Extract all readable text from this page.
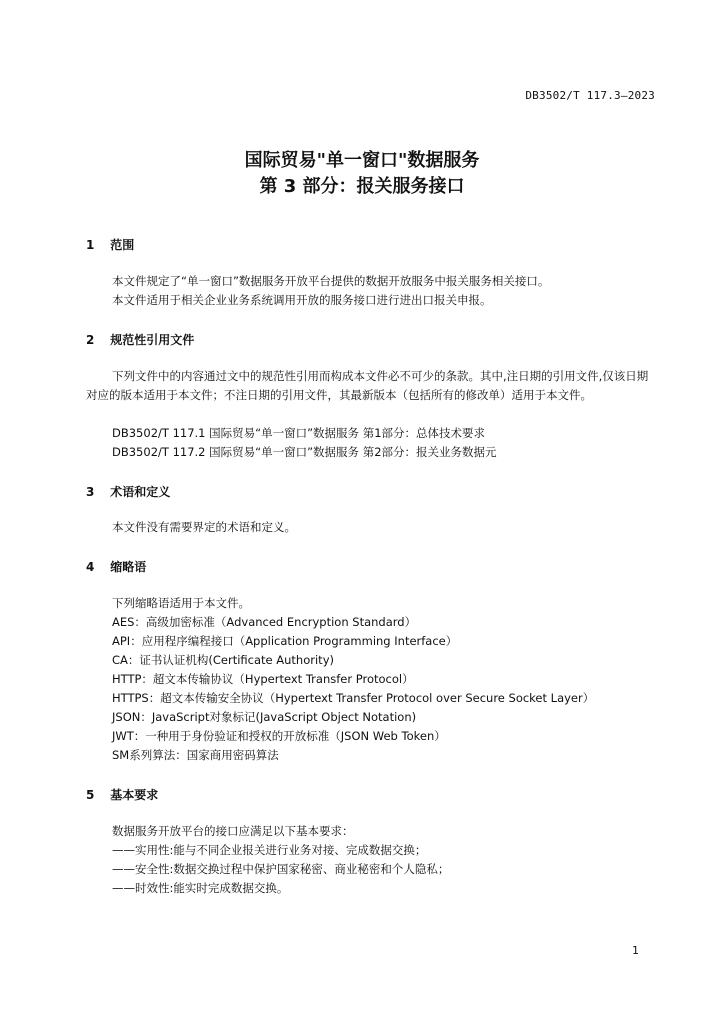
DB3502/T 117.3—2023
国际贸易"单一窗口"数据服务
第 3 部分：报关服务接口
1 范围
本文件规定了“单一窗口”数据服务开放平台提供的数据开放服务中报关服务相关接口。
本文件适用于相关企业业务系统调用开放的服务接口进行进出口报关申报。
2 规范性引用文件
下列文件中的内容通过文中的规范性引用而构成本文件必不可少的条款。其中,注日期的引用文件,仅该日期对应的版本适用于本文件；不注日期的引用文件，其最新版本（包括所有的修改单）适用于本文件。
DB3502/T 117.1 国际贸易“单一窗口”数据服务 第1部分：总体技术要求
DB3502/T 117.2 国际贸易“单一窗口”数据服务 第2部分：报关业务数据元
3 术语和定义
本文件没有需要界定的术语和定义。
4 缩略语
下列缩略语适用于本文件。
AES：高级加密标准（Advanced Encryption Standard）
API：应用程序编程接口（Application Programming Interface）
CA：证书认证机构(Certificate Authority)
HTTP：超文本传输协议（Hypertext Transfer Protocol）
HTTPS：超文本传输安全协议（Hypertext Transfer Protocol over Secure Socket Layer）
JSON：JavaScript对象标记(JavaScript Object Notation)
JWT：一种用于身份验证和授权的开放标准（JSON Web Token）
SM系列算法：国家商用密码算法
5 基本要求
数据服务开放平台的接口应满足以下基本要求：
——实用性:能与不同企业报关进行业务对接、完成数据交换；
——安全性:数据交换过程中保护国家秘密、商业秘密和个人隐私；
——时效性:能实时完成数据交换。
1
